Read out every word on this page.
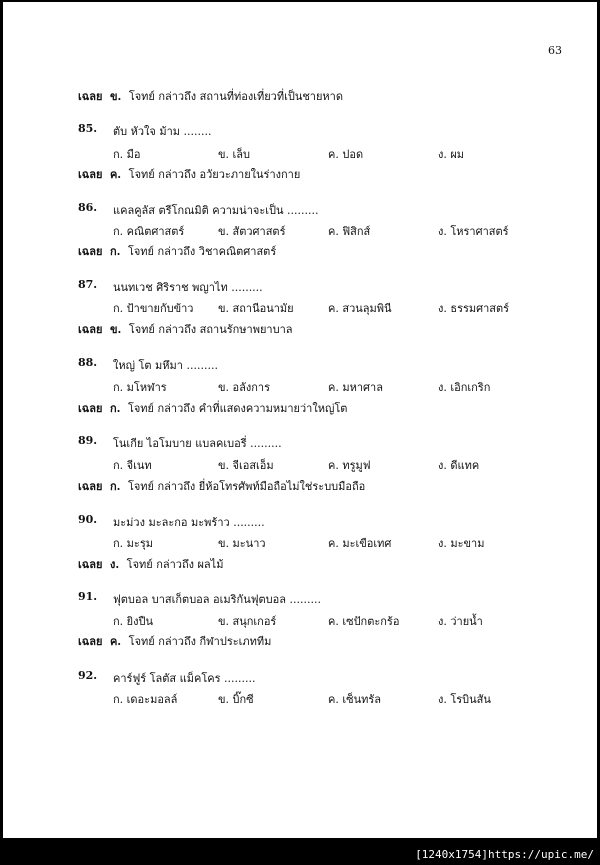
63
เฉลย ข. โจทย์ กล่าวถึง สถานที่ท่องเที่ยวที่เป็นชายหาด
85. ตับ หัวใจ ม้าม ........
ก. มือ	ข. เล็บ	ค. ปอด	ง. ผม
เฉลย ค. โจทย์ กล่าวถึง อวัยวะภายในร่างกาย
86. แคลคูลัส ตรีโกณมิติ ความน่าจะเป็น .........
ก. คณิตศาสตร์	ข. สัตวศาสตร์	ค. ฟิสิกส์	ง. โหราศาสตร์
เฉลย ก. โจทย์ กล่าวถึง วิชาคณิตศาสตร์
87. นนทเวช ศิริราช พญาไท .........
ก. ป้าขายกับข้าว ข. สถานีอนามัย	ค. สวนลุมพินี	ง. ธรรมศาสตร์
เฉลย ข. โจทย์ กล่าวถึง สถานรักษาพยาบาล
88. ใหญ่ โต มหึมา .........
ก. มโหฬาร	ข. อลังการ	ค. มหาศาล	ง. เอิกเกริก
เฉลย ก. โจทย์ กล่าวถึง คำที่แสดงความหมายว่าใหญ่โต
89. โนเกีย ไอโมบาย แบลคเบอรี่ .........
ก. จีเนท	ข. จีเอสเอ็ม	ค. ทรูมูฟ	ง. ดีแทค
เฉลย ก. โจทย์ กล่าวถึง ยี่ห้อโทรศัพท์มือถือไม่ใช่ระบบมือถือ
90. มะม่วง มะละกอ มะพร้าว .........
ก. มะรุม	ข. มะนาว	ค. มะเขือเทศ	ง. มะขาม
เฉลย ง. โจทย์ กล่าวถึง ผลไม้
91. ฟุตบอล บาสเก็ตบอล อเมริกันฟุตบอล .........
ก. ยิงปืน	ข. สนุกเกอร์	ค. เซปักตะกร้อ	ง. ว่ายน้ำ
เฉลย ค. โจทย์ กล่าวถึง กีฬาประเภททีม
92. คาร์ฟูร์ โลตัส แม็คโคร .........
ก. เดอะมอลล์	ข. บิ๊กซี	ค. เซ็นทรัล	ง. โรบินสัน
[1240x1754]https://upic.me/
